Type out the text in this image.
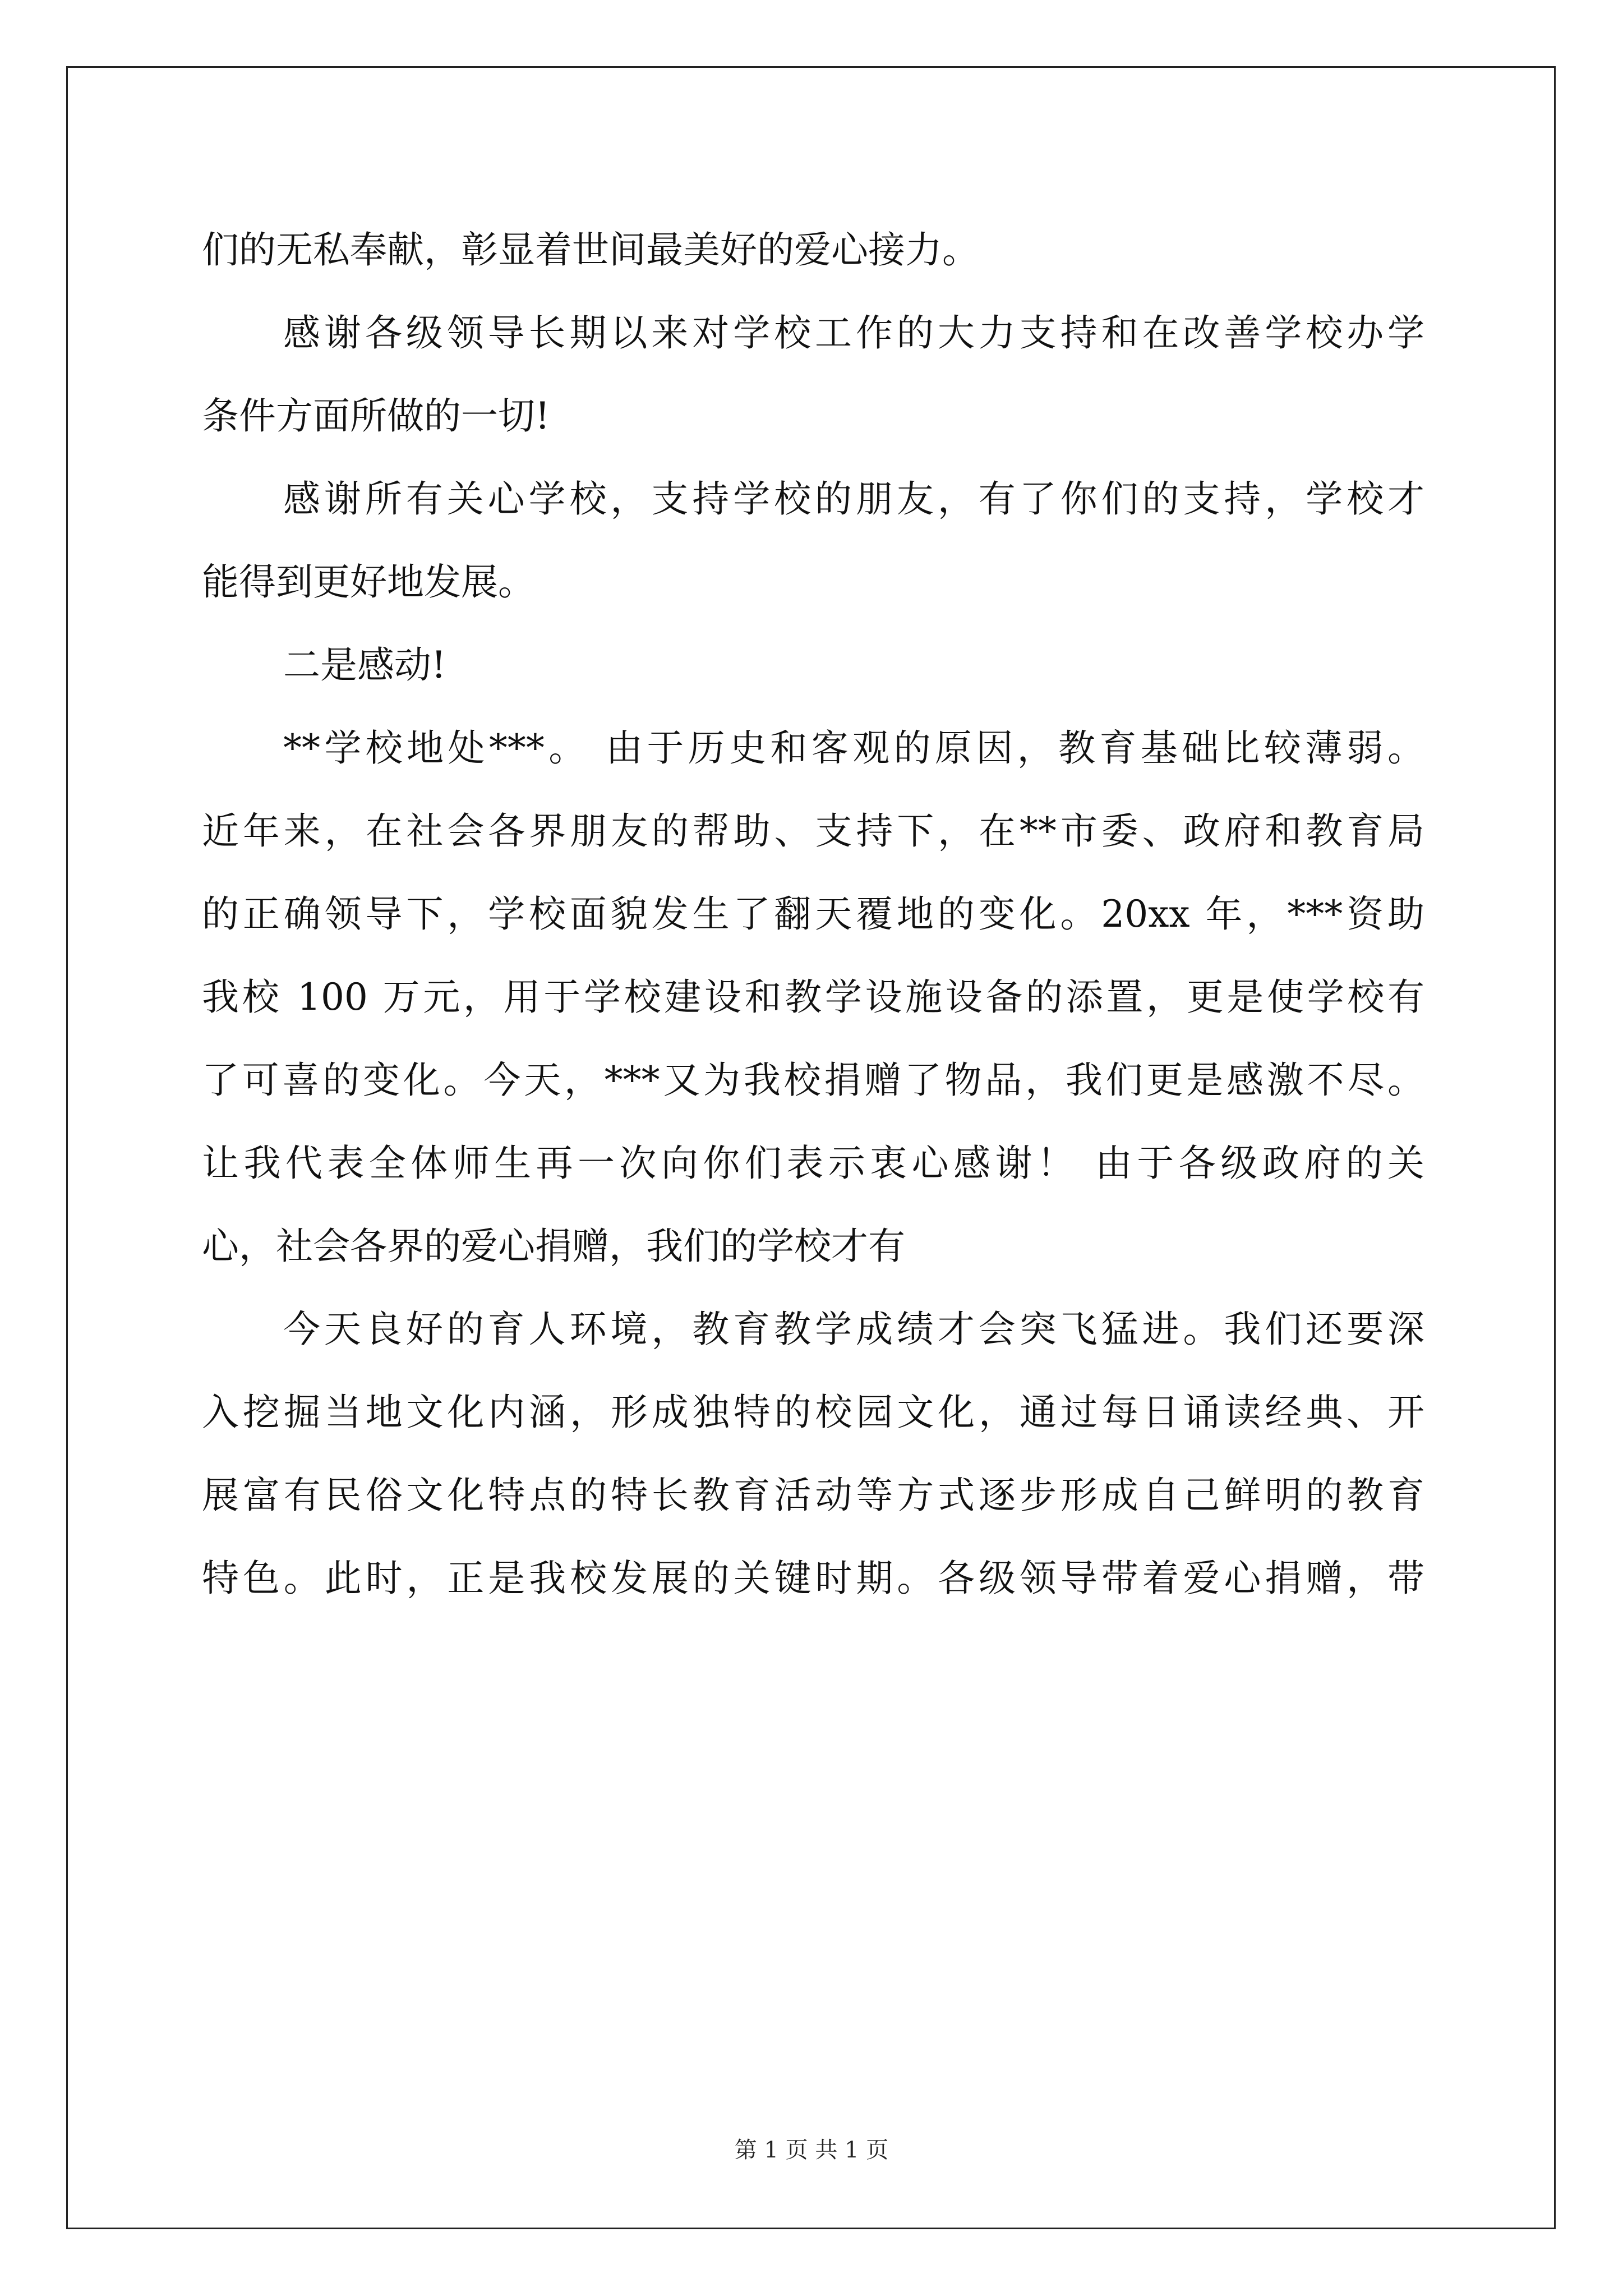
们的无私奉献，彰显着世间最美好的爱心接力。
感谢各级领导长期以来对学校工作的大力支持和在改善学校办学
条件方面所做的一切!
感谢所有关心学校，支持学校的朋友，有了你们的支持，学校才
能得到更好地发展。
二是感动!
**学校地处***。 由于历史和客观的原因，教育基础比较薄弱。
近年来，在社会各界朋友的帮助、支持下，在**市委、政府和教育局
的正确领导下，学校面貌发生了翻天覆地的变化。20xx 年，***资助
我校 100 万元，用于学校建设和教学设施设备的添置，更是使学校有
了可喜的变化。今天，***又为我校捐赠了物品，我们更是感激不尽。
让我代表全体师生再一次向你们表示衷心感谢！ 由于各级政府的关
心，社会各界的爱心捐赠，我们的学校才有
今天良好的育人环境，教育教学成绩才会突飞猛进。我们还要深
入挖掘当地文化内涵，形成独特的校园文化，通过每日诵读经典、开
展富有民俗文化特点的特长教育活动等方式逐步形成自己鲜明的教育
特色。此时，正是我校发展的关键时期。各级领导带着爱心捐赠，带
第 1 页 共 1 页
